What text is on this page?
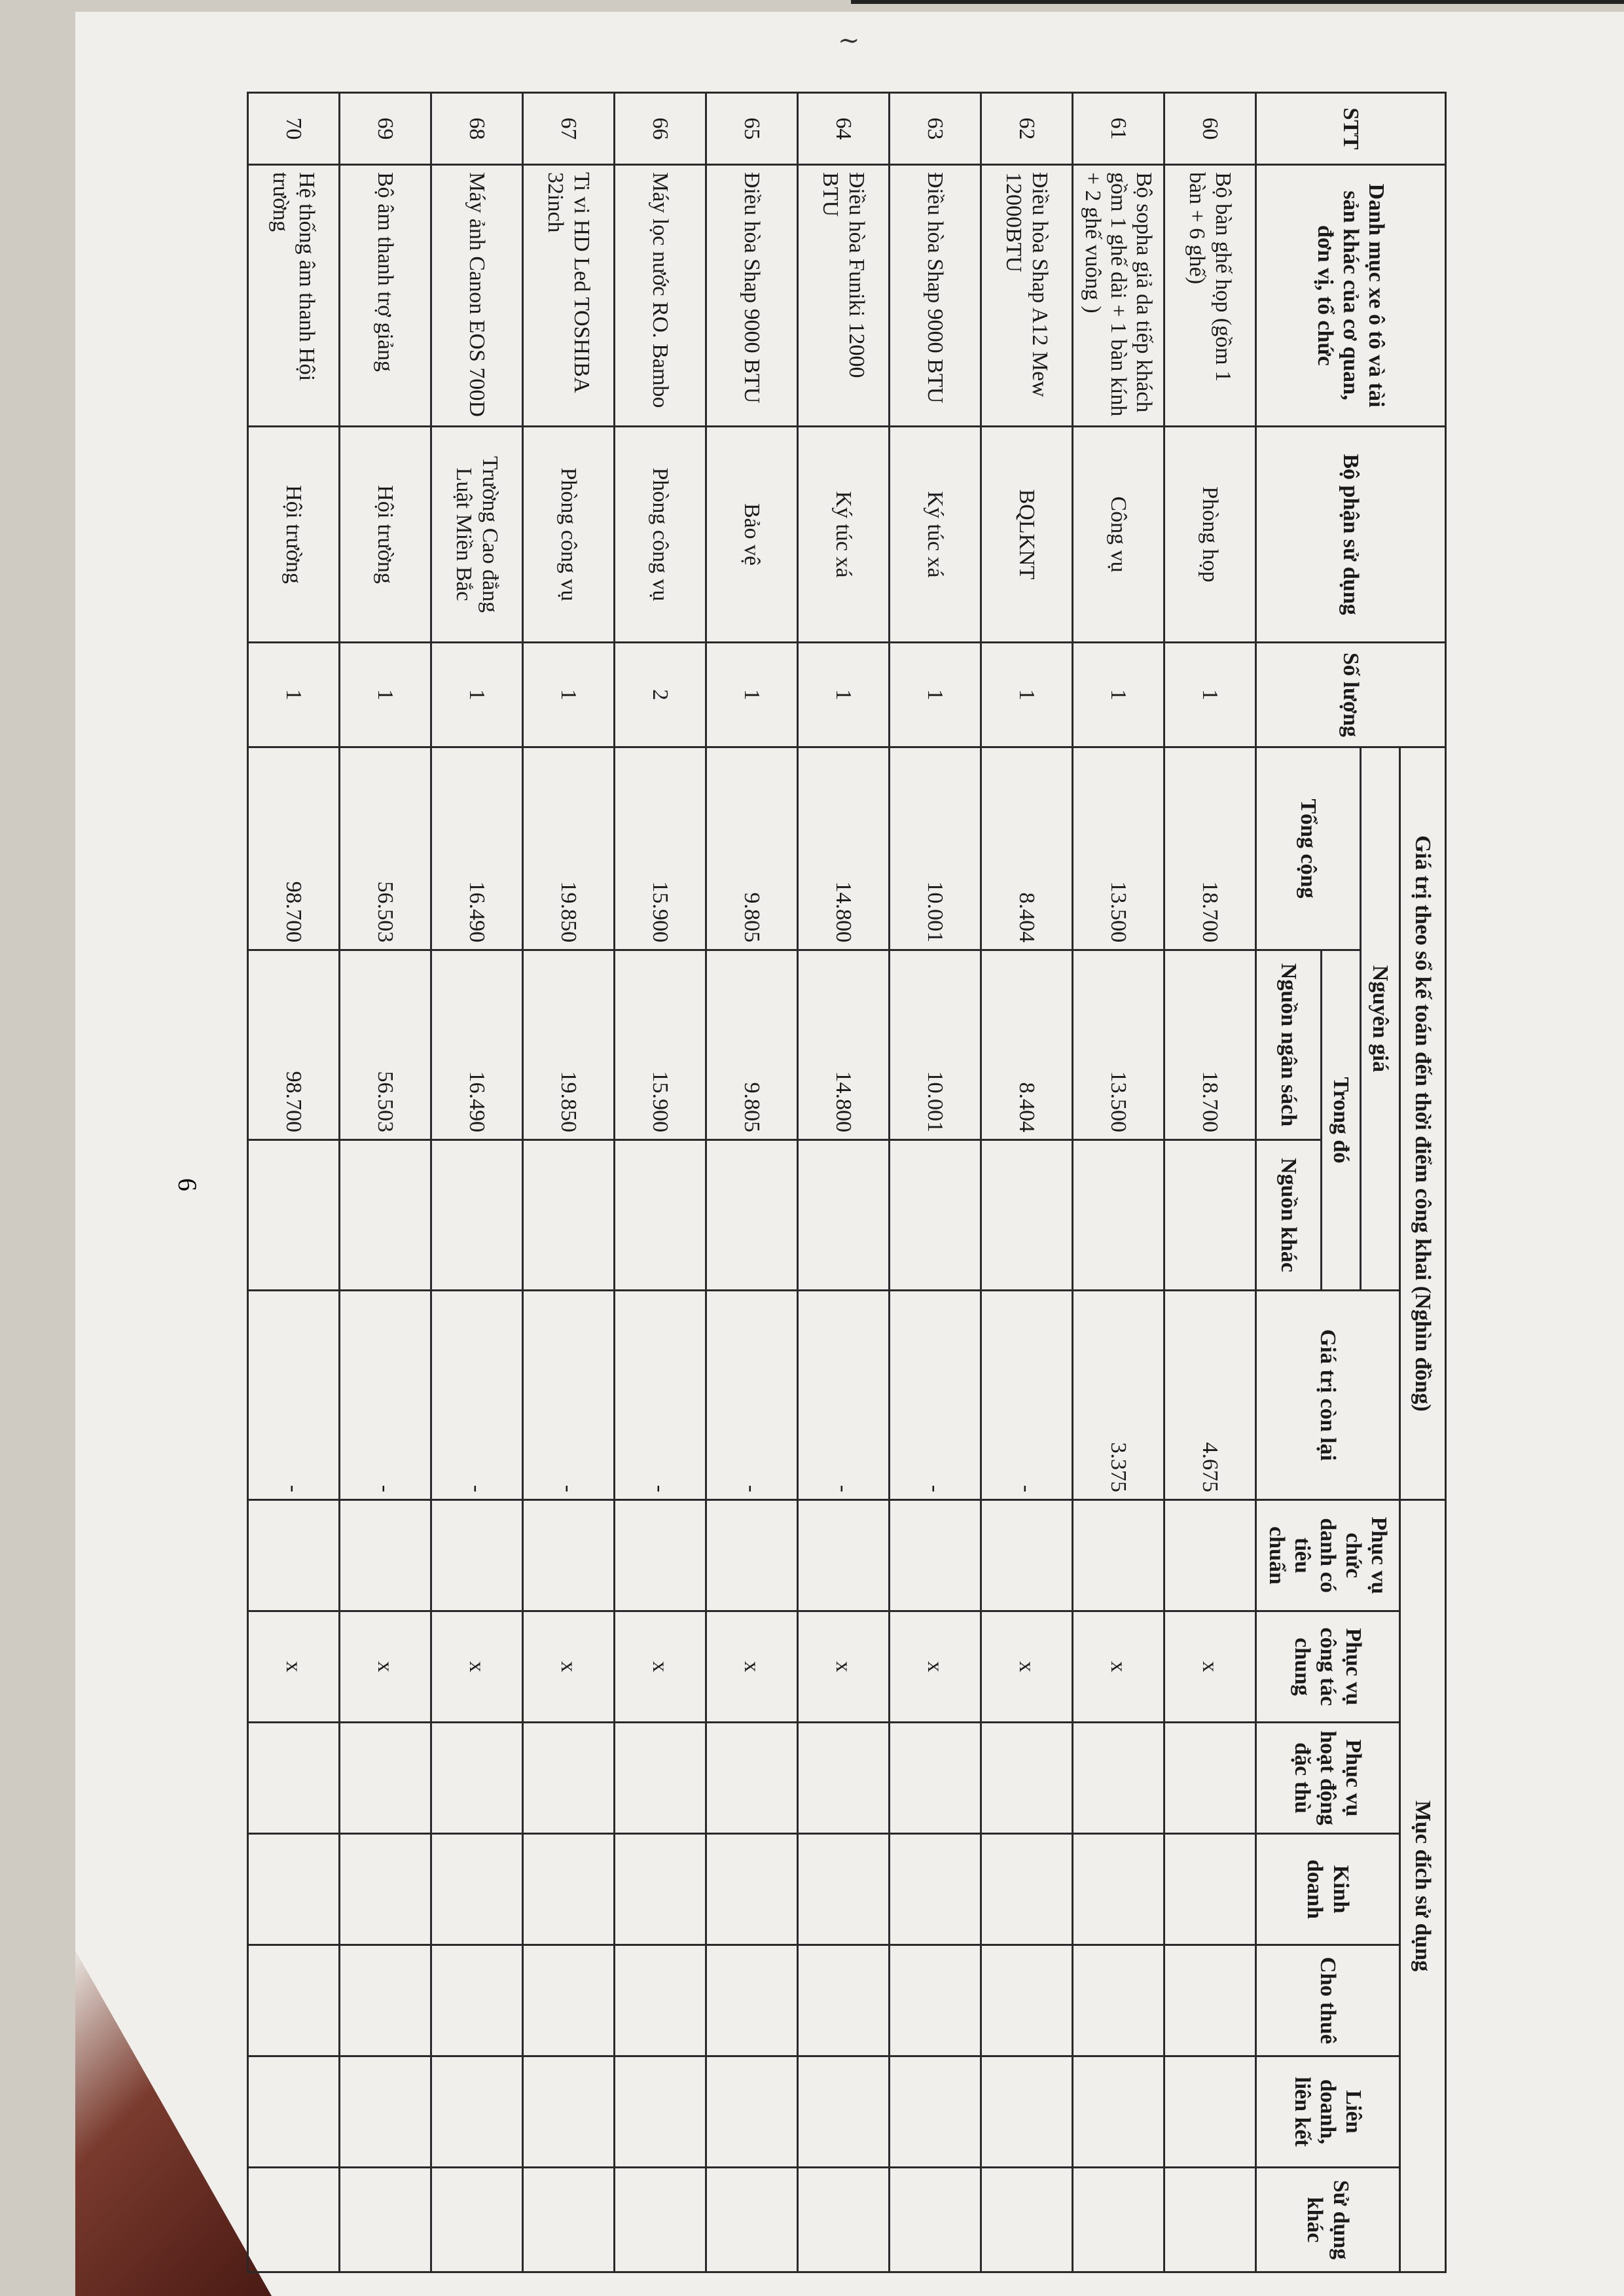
∼
STT	Danh mục xe ô tô và tài sản khác của cơ quan, đơn vị, tổ chức	Bộ phận sử dụng	Số lượng	Giá trị theo sổ kế toán đến thời điểm công khai (Nghìn đồng)				Mục đích sử dụng						
				Nguyên giá			Giá trị còn lại	Phục vụ chức danh có tiêu chuẩn	Phục vụ công tác chung	Phục vụ hoạt động đặc thù	Kinh doanh	Cho thuê	Liên doanh, liên kết	Sử dụng khác
				Tổng cộng	Trong đó									
					Nguồn ngân sách	Nguồn khác								
60	Bộ bàn ghế họp (gồm 1 bàn + 6 ghế)	Phòng họp	1	18.700	18.700		4.675		x					
61	Bộ sopha giả da tiếp khách gồm 1 ghế dài + 1 bàn kính + 2 ghế vuông )	Công vụ	1	13.500	13.500		3.375		x					
62	Điều hòa Shap A12 Mew 12000BTU	BQLKNT	1	8.404	8.404		-		x					
63	Điều hòa Shap 9000 BTU	Ký túc xá	1	10.001	10.001		-		x					
64	Điều hòa Funiki 12000 BTU	Ký túc xá	1	14.800	14.800		-		x					
65	Điều hòa Shap 9000 BTU	Bảo vệ	1	9.805	9.805		-		x					
66	Máy lọc nước RO. Bambo	Phòng công vụ	2	15.900	15.900		-		x					
67	Ti vi HD Led TOSHIBA 32inch	Phòng công vụ	1	19.850	19.850		-		x					
68	Máy ảnh Canon EOS 700D	Trường Cao đẳng Luật Miền Bắc	1	16.490	16.490		-		x					
69	Bộ âm thanh trợ giảng	Hội trường	1	56.503	56.503		-		x					
70	Hệ thống âm thanh Hội trường	Hội trường	1	98.700	98.700		-		x					
6
